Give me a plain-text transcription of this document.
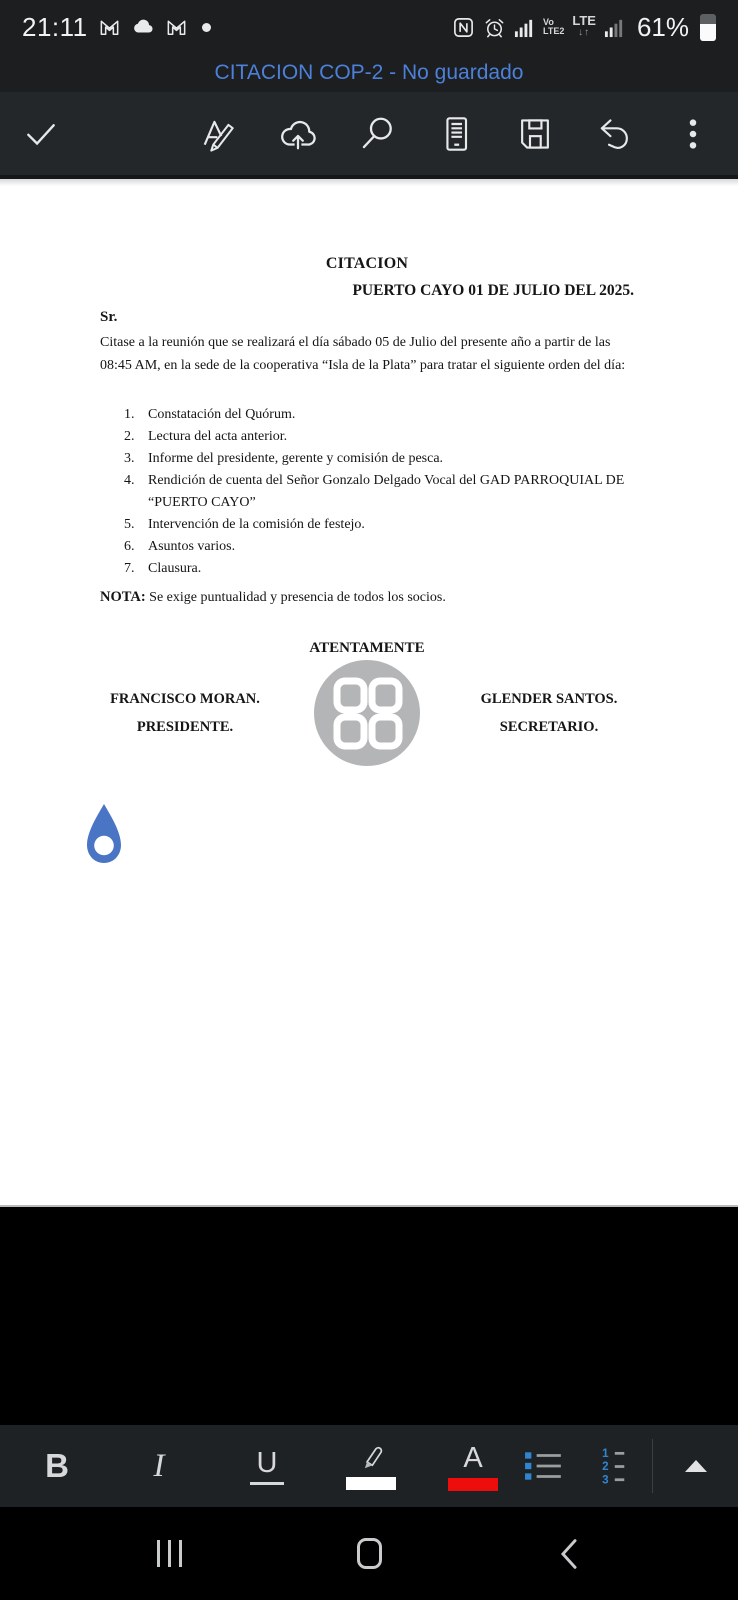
21:11	Vo
LTE2
LTE
↓↑ 61%
CITACION COP-2 - No guardado
CITACION
PUERTO CAYO 01 DE JULIO DEL 2025.
Sr.

Citase a la reunión que se realizará el día sábado 05 de Julio del presente año a partir de las 08:45 AM, en la sede de la cooperativa “Isla de la Plata” para tratar el siguiente orden del día:

1. Constatación del Quórum.
2. Lectura del acta anterior.
3. Informe del presidente, gerente y comisión de pesca.
4. Rendición de cuenta del Señor Gonzalo Delgado Vocal del GAD PARROQUIAL DE “PUERTO CAYO”
5. Intervención de la comisión de festejo.
6. Asuntos varios.
7. Clausura.

NOTA: Se exige puntualidad y presencia de todos los socios.

ATENTAMENTE
FRANCISCO MORAN.
PRESIDENTE.
GLENDER SANTOS.
SECRETARIO.
B	I	U	A	1
2
3
